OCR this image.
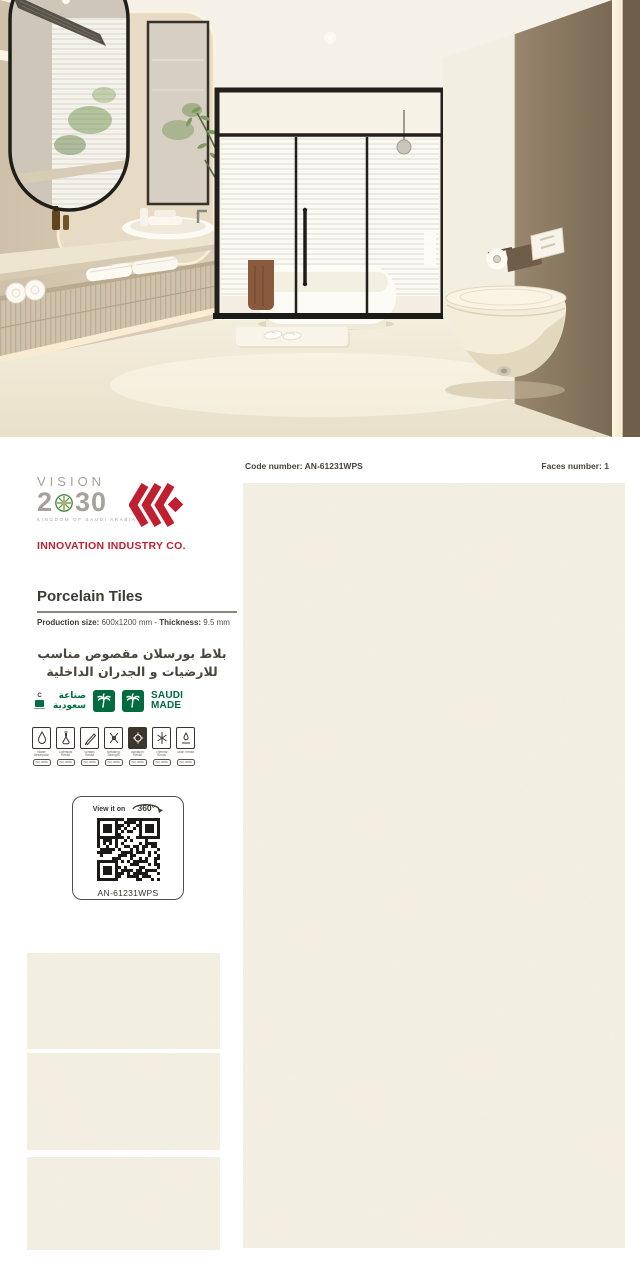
VISION
2 30
KINGDOM OF SAUDI ARABIA
INNOVATION INDUSTRY CO.
Porcelain Tiles
Production size: 600x1200 mm - Thickness: 9.5 mm
بلاط بورسلان مقصوص مناسب
للارضيات و الجدران الداخلية
C	صناعة
سعودية
SAUDI
MADE
Water Absorption
ISO 10545
Chemical Resist
ISO 10545
Scratch Resist
ISO 10545
Breaking Strength
ISO 10545
Abrasion Resist
ISO 10545
Thermal Shock
ISO 10545
Stain Resist
ISO 10545
View it on	360°
AN-61231WPS
Code number: AN-61231WPS	Faces number: 1
